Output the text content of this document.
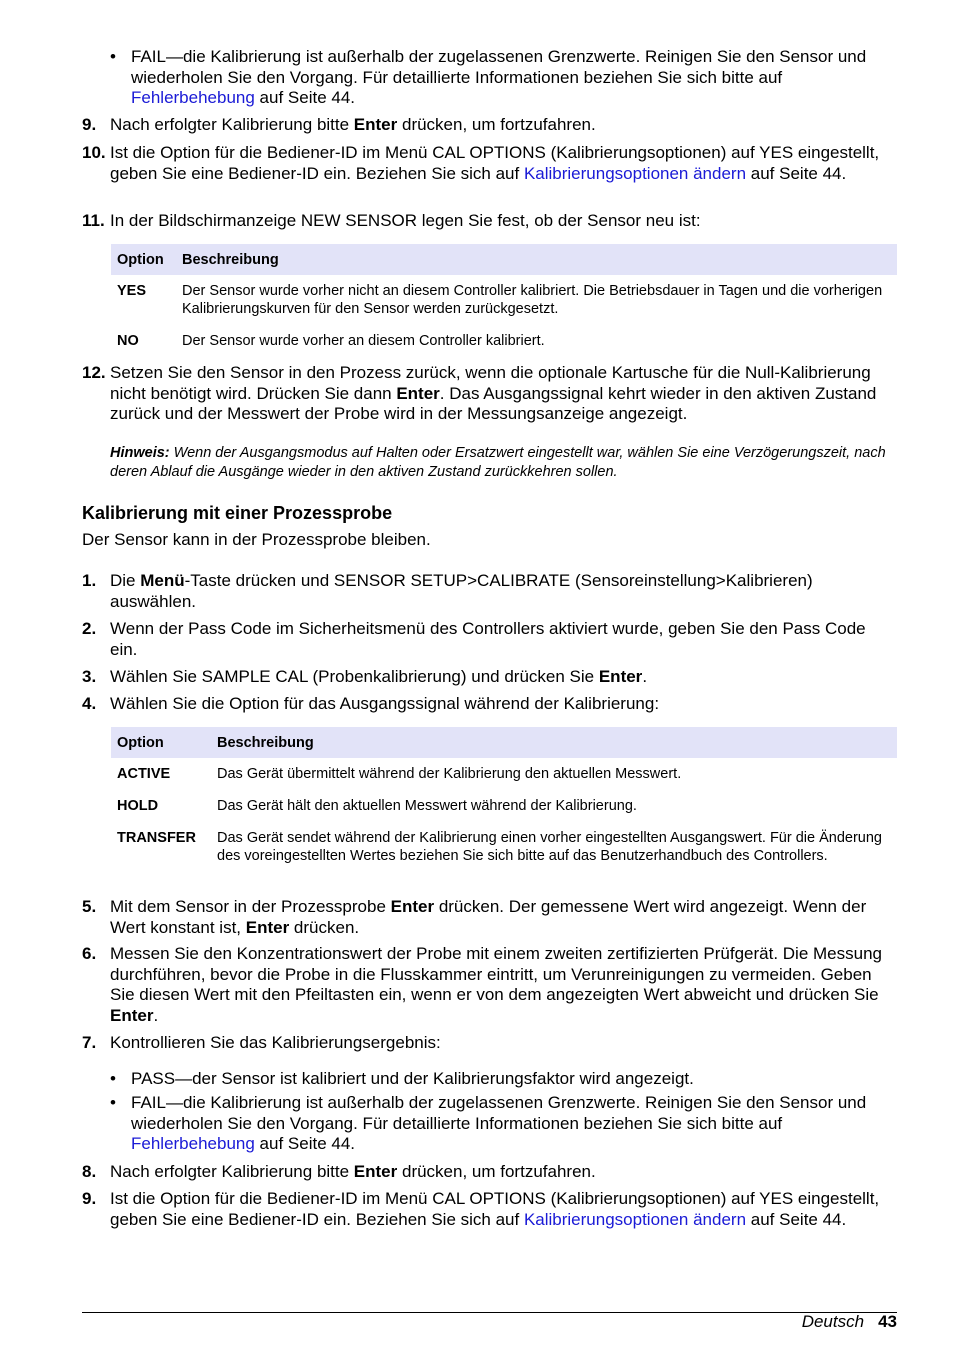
• FAIL—die Kalibrierung ist außerhalb der zugelassenen Grenzwerte. Reinigen Sie den Sensor und wiederholen Sie den Vorgang. Für detaillierte Informationen beziehen Sie sich bitte auf Fehlerbehebung auf Seite 44.
9. Nach erfolgter Kalibrierung bitte Enter drücken, um fortzufahren.
10. Ist die Option für die Bediener-ID im Menü CAL OPTIONS (Kalibrierungsoptionen) auf YES eingestellt, geben Sie eine Bediener-ID ein. Beziehen Sie sich auf Kalibrierungsoptionen ändern auf Seite 44.
11. In der Bildschirmanzeige NEW SENSOR legen Sie fest, ob der Sensor neu ist:
Option	Beschreibung
YES	Der Sensor wurde vorher nicht an diesem Controller kalibriert. Die Betriebsdauer in Tagen und die vorherigen Kalibrierungskurven für den Sensor werden zurückgesetzt.
NO	Der Sensor wurde vorher an diesem Controller kalibriert.
12. Setzen Sie den Sensor in den Prozess zurück, wenn die optionale Kartusche für die Null-Kalibrierung nicht benötigt wird. Drücken Sie dann Enter. Das Ausgangssignal kehrt wieder in den aktiven Zustand zurück und der Messwert der Probe wird in der Messungsanzeige angezeigt.
Hinweis: Wenn der Ausgangsmodus auf Halten oder Ersatzwert eingestellt war, wählen Sie eine Verzögerungszeit, nach deren Ablauf die Ausgänge wieder in den aktiven Zustand zurückkehren sollen.
Kalibrierung mit einer Prozessprobe
Der Sensor kann in der Prozessprobe bleiben.
1. Die Menü-Taste drücken und SENSOR SETUP>CALIBRATE (Sensoreinstellung>Kalibrieren) auswählen.
2. Wenn der Pass Code im Sicherheitsmenü des Controllers aktiviert wurde, geben Sie den Pass Code ein.
3. Wählen Sie SAMPLE CAL (Probenkalibrierung) und drücken Sie Enter.
4. Wählen Sie die Option für das Ausgangssignal während der Kalibrierung:
Option	Beschreibung
ACTIVE	Das Gerät übermittelt während der Kalibrierung den aktuellen Messwert.
HOLD	Das Gerät hält den aktuellen Messwert während der Kalibrierung.
TRANSFER	Das Gerät sendet während der Kalibrierung einen vorher eingestellten Ausgangswert. Für die Änderung des voreingestellten Wertes beziehen Sie sich bitte auf das Benutzerhandbuch des Controllers.
5. Mit dem Sensor in der Prozessprobe Enter drücken. Der gemessene Wert wird angezeigt. Wenn der Wert konstant ist, Enter drücken.
6. Messen Sie den Konzentrationswert der Probe mit einem zweiten zertifizierten Prüfgerät. Die Messung durchführen, bevor die Probe in die Flusskammer eintritt, um Verunreinigungen zu vermeiden. Geben Sie diesen Wert mit den Pfeiltasten ein, wenn er von dem angezeigten Wert abweicht und drücken Sie Enter.
7. Kontrollieren Sie das Kalibrierungsergebnis:
• PASS—der Sensor ist kalibriert und der Kalibrierungsfaktor wird angezeigt.
• FAIL—die Kalibrierung ist außerhalb der zugelassenen Grenzwerte. Reinigen Sie den Sensor und wiederholen Sie den Vorgang. Für detaillierte Informationen beziehen Sie sich bitte auf Fehlerbehebung auf Seite 44.
8. Nach erfolgter Kalibrierung bitte Enter drücken, um fortzufahren.
9. Ist die Option für die Bediener-ID im Menü CAL OPTIONS (Kalibrierungsoptionen) auf YES eingestellt, geben Sie eine Bediener-ID ein. Beziehen Sie sich auf Kalibrierungsoptionen ändern auf Seite 44.
Deutsch 43
